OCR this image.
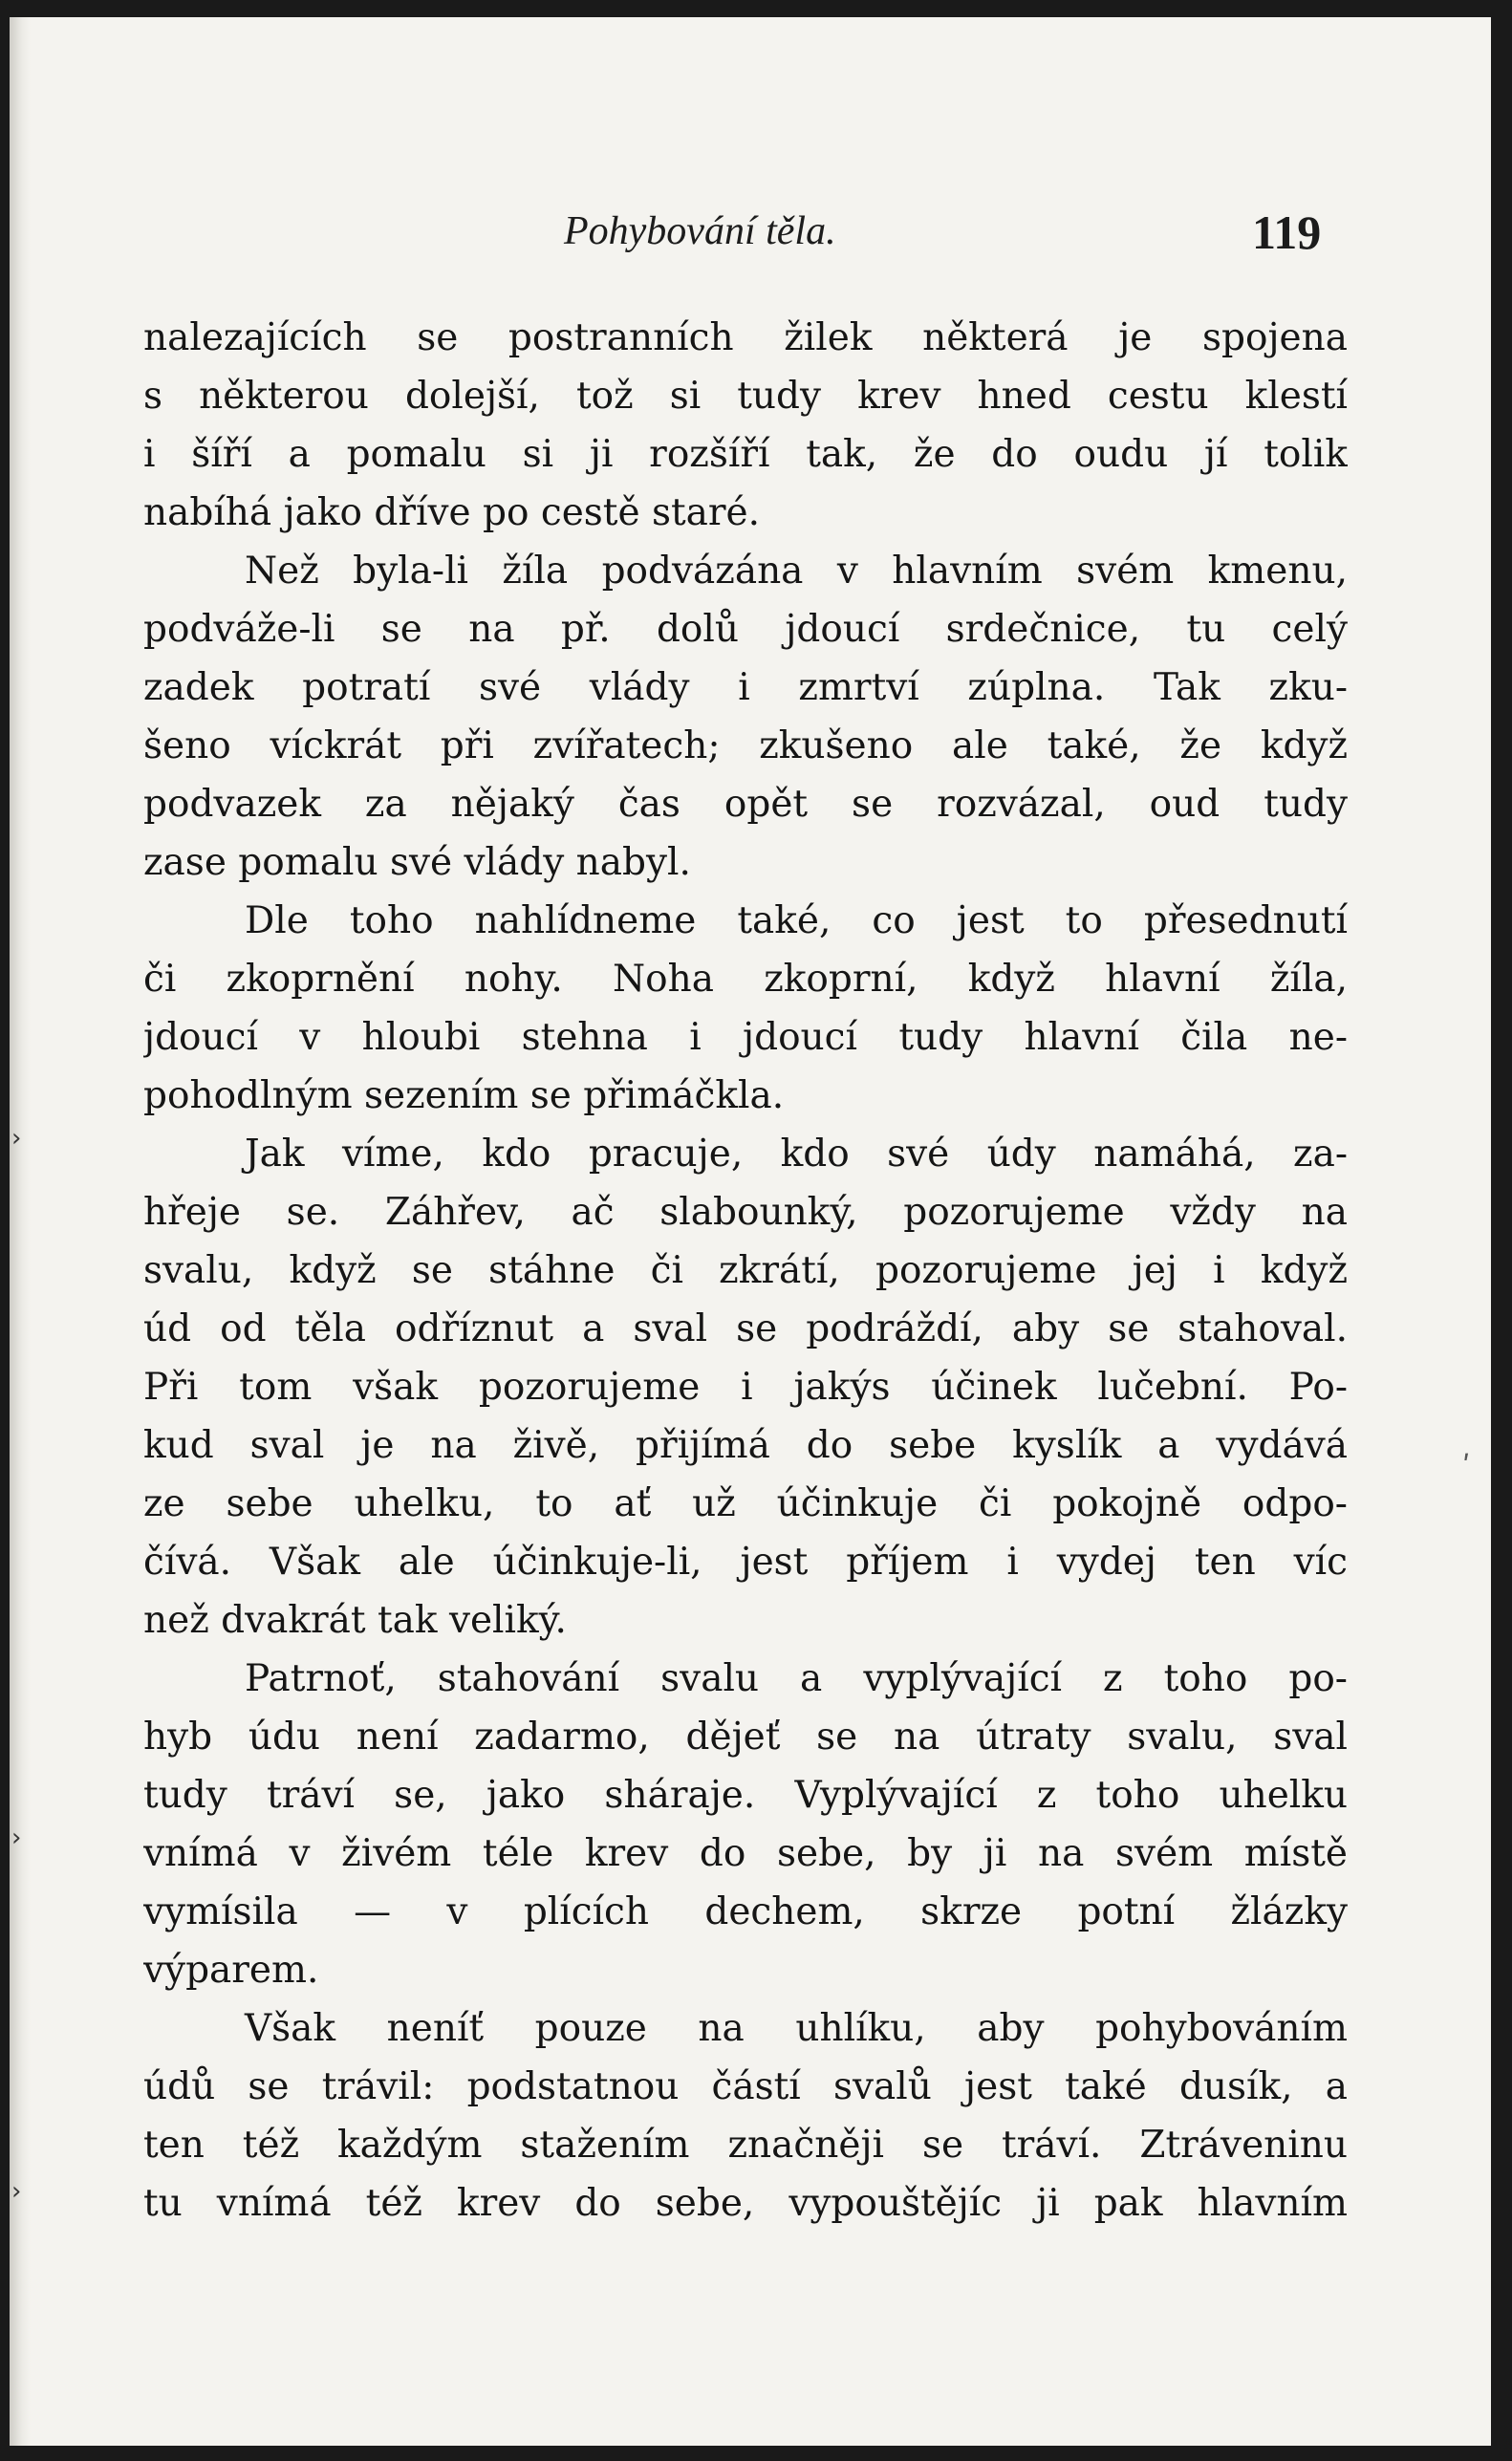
›
›
›
ʹ
Pohybování těla.	119
nalezajících se postranních žilek některá je spojena
s některou dolejší, tož si tudy krev hned cestu klestí
i šíří a pomalu si ji rozšíří tak, že do oudu jí tolik
nabíhá jako dříve po cestě staré.
Než byla-li žíla podvázána v hlavním svém kmenu,
podváže-li se na př. dolů jdoucí srdečnice, tu celý
zadek potratí své vlády i zmrtví zúplna. Tak zku-
šeno víckrát při zvířatech; zkušeno ale také, že když
podvazek za nějaký čas opět se rozvázal, oud tudy
zase pomalu své vlády nabyl.
Dle toho nahlídneme také, co jest to přesednutí
či zkoprnění nohy. Noha zkoprní, když hlavní žíla,
jdoucí v hloubi stehna i jdoucí tudy hlavní čila ne-
pohodlným sezením se přimáčkla.
Jak víme, kdo pracuje, kdo své údy namáhá, za-
hřeje se. Záhřev, ač slabounký, pozorujeme vždy na
svalu, když se stáhne či zkrátí, pozorujeme jej i když
úd od těla odříznut a sval se podráždí, aby se stahoval.
Při tom však pozorujeme i jakýs účinek lučební. Po-
kud sval je na živě, přijímá do sebe kyslík a vydává
ze sebe uhelku, to ať už účinkuje či pokojně odpo-
čívá. Však ale účinkuje-li, jest příjem i vydej ten víc
než dvakrát tak veliký.
Patrnoť, stahování svalu a vyplývající z toho po-
hyb údu není zadarmo, dějeť se na útraty svalu, sval
tudy tráví se, jako sháraje. Vyplývající z toho uhelku
vnímá v živém téle krev do sebe, by ji na svém místě
vymísila — v plících dechem, skrze potní žlázky
výparem.
Však neníť pouze na uhlíku, aby pohybováním
údů se trávil: podstatnou částí svalů jest také dusík, a
ten též každým stažením značněji se tráví. Ztráveninu
tu vnímá též krev do sebe, vypouštějíc ji pak hlavním
